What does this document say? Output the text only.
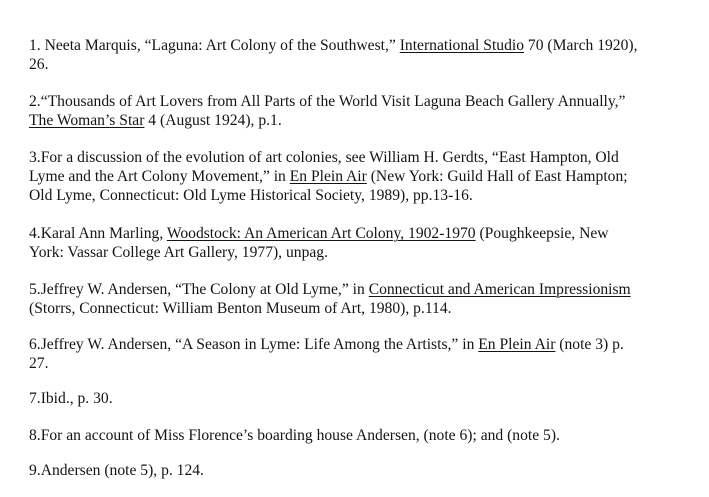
1. Neeta Marquis, “Laguna: Art Colony of the Southwest,” International Studio 70 (March 1920),
26.

2.“Thousands of Art Lovers from All Parts of the World Visit Laguna Beach Gallery Annually,”
The Woman’s Star 4 (August 1924), p.1.

3.For a discussion of the evolution of art colonies, see William H. Gerdts, “East Hampton, Old
Lyme and the Art Colony Movement,” in En Plein Air (New York: Guild Hall of East Hampton;
Old Lyme, Connecticut: Old Lyme Historical Society, 1989), pp.13-16.

4.Karal Ann Marling, Woodstock: An American Art Colony, 1902-1970 (Poughkeepsie, New
York: Vassar College Art Gallery, 1977), unpag.

5.Jeffrey W. Andersen, “The Colony at Old Lyme,” in Connecticut and American Impressionism
(Storrs, Connecticut: William Benton Museum of Art, 1980), p.114.

6.Jeffrey W. Andersen, “A Season in Lyme: Life Among the Artists,” in En Plein Air (note 3) p.
27.

7.Ibid., p. 30.

8.For an account of Miss Florence’s boarding house Andersen, (note 6); and (note 5).

9.Andersen (note 5), p. 124.
